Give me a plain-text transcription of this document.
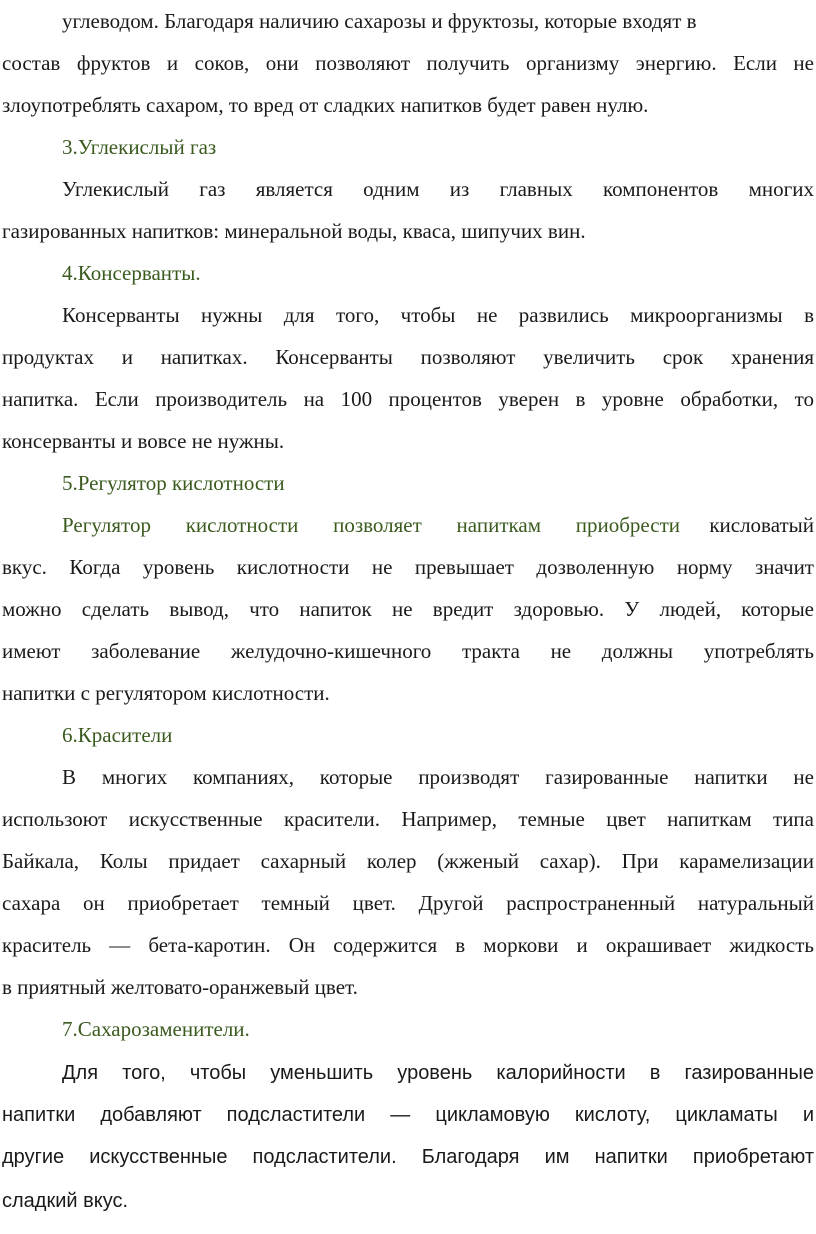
углеводом. Благодаря наличию сахарозы и фруктозы, которые входят в
состав фруктов и соков, они позволяют получить организму энергию. Если не
злоупотреблять сахаром, то вред от сладких напитков будет равен нулю.
3.Углекислый газ
Углекислый газ является одним из главных компонентов многих
газированных напитков: минеральной воды, кваса, шипучих вин.
4.Консерванты.
Консерванты нужны для того, чтобы не развились микроорганизмы в
продуктах и напитках. Консерванты позволяют увеличить срок хранения
напитка. Если производитель на 100 процентов уверен в уровне обработки, то
консерванты и вовсе не нужны.
5.Регулятор кислотности
Регулятор кислотности позволяет напиткам приобрести кисловатый
вкус. Когда уровень кислотности не превышает дозволенную норму значит
можно сделать вывод, что напиток не вредит здоровью. У людей, которые
имеют заболевание желудочно-кишечного тракта не должны употреблять
напитки с регулятором кислотности.
6.Красители
В многих компаниях, которые производят газированные напитки не
использоют искусственные красители. Например, темные цвет напиткам типа
Байкала, Колы придает сахарный колер (жженый сахар). При карамелизации
сахара он приобретает темный цвет. Другой распространенный натуральный
краситель — бета-каротин. Он содержится в моркови и окрашивает жидкость
в приятный желтовато-оранжевый цвет.
7.Сахарозаменители.
Для того, чтобы уменьшить уровень калорийности в газированные
напитки добавляют подсластители — цикламовую кислоту, цикламаты и
другие искусственные подсластители. Благодаря им напитки приобретают
сладкий вкус.
